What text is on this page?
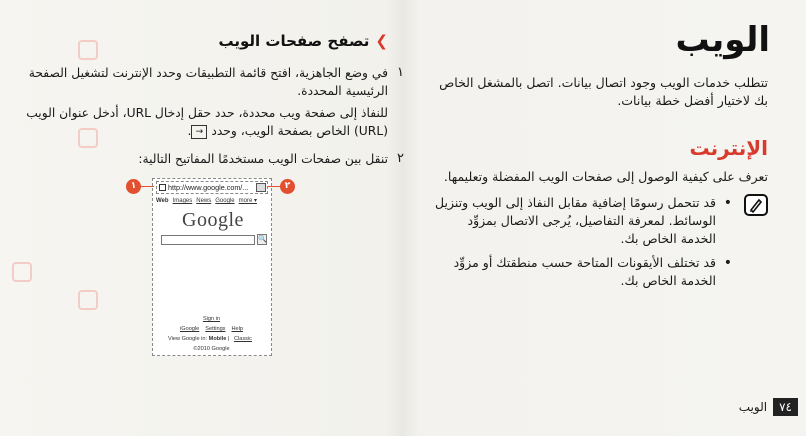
الويب
تتطلب خدمات الويب وجود اتصال بيانات. اتصل بالمشغل الخاص بك لاختيار أفضل خطة بيانات.
الإنترنت
تعرف على كيفية الوصول إلى صفحات الويب المفضلة وتعليمها.
• قد تتحمل رسومًا إضافية مقابل النفاذ إلى الويب وتنزيل الوسائط. لمعرفة التفاصيل، يُرجى الاتصال بمزوِّد الخدمة الخاص بك.
• قد تختلف الأيقونات المتاحة حسب منطقتك أو مزوِّد الخدمة الخاص بك.
❯تصفح صفحات الويب
١
في وضع الجاهزية، افتح قائمة التطبيقات وحدد الإنترنت لتشغيل الصفحة الرئيسية المحددة.
للنفاذ إلى صفحة ويب محددة، حدد حقل إدخال URL، أدخل عنوان الويب (URL) الخاص بصفحة الويب، وحدد →.
٢
تنقل بين صفحات الويب مستخدمًا المفاتيح التالية:
http://www.google.com/...
Web Images News Google more ▾
Google
🔍
Sign in
iGoogle Settings Help
View Google in: Mobile | Classic
©2010 Google
١	٢
٧٤
الويب
